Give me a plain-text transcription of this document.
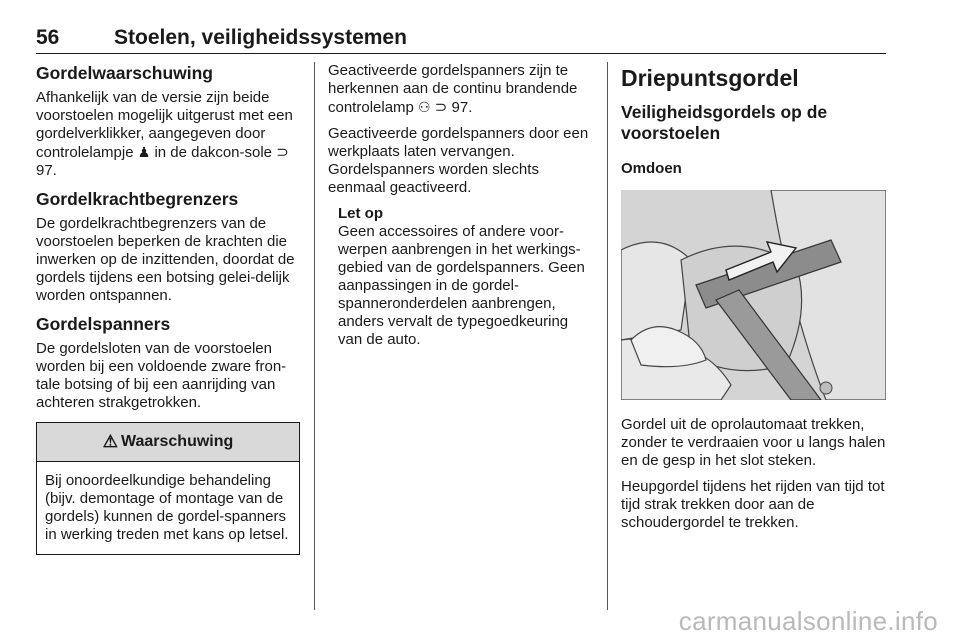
56	Stoelen, veiligheidssystemen
Gordelwaarschuwing

Afhankelijk van de versie zijn beide voorstoelen mogelijk uitgerust met een gordelverklikker, aangegeven door controlelampje ♟ in de dakcon-sole ⊃ 97.

Gordelkrachtbegrenzers

De gordelkrachtbegrenzers van de voorstoelen beperken de krachten die inwerken op de inzittenden, doordat de gordels tijdens een botsing gelei-delijk worden ontspannen.

Gordelspanners

De gordelsloten van de voorstoelen worden bij een voldoende zware fron-tale botsing of bij een aanrijding van achteren strakgetrokken.

⚠ Waarschuwing
Bij onoordeelkundige behandeling (bijv. demontage of montage van de gordels) kunnen de gordel-spanners in werking treden met kans op letsel.

Geactiveerde gordelspanners zijn te herkennen aan de continu brandende controlelamp ⚇ ⊃ 97.

Geactiveerde gordelspanners door een werkplaats laten vervangen. Gordelspanners worden slechts eenmaal geactiveerd.

Let op

Geen accessoires of andere voor-werpen aanbrengen in het werkings-gebied van de gordelspanners. Geen aanpassingen in de gordel-spanneronderdelen aanbrengen, anders vervalt de typegoedkeuring van de auto.

Driepuntsgordel
Veiligheidsgordels op de voorstoelen
Omdoen

Gordel uit de oprolautomaat trekken, zonder te verdraaien voor u langs halen en de gesp in het slot steken.

Heupgordel tijdens het rijden van tijd tot tijd strak trekken door aan de schoudergordel te trekken.

carmanualsonline.info
